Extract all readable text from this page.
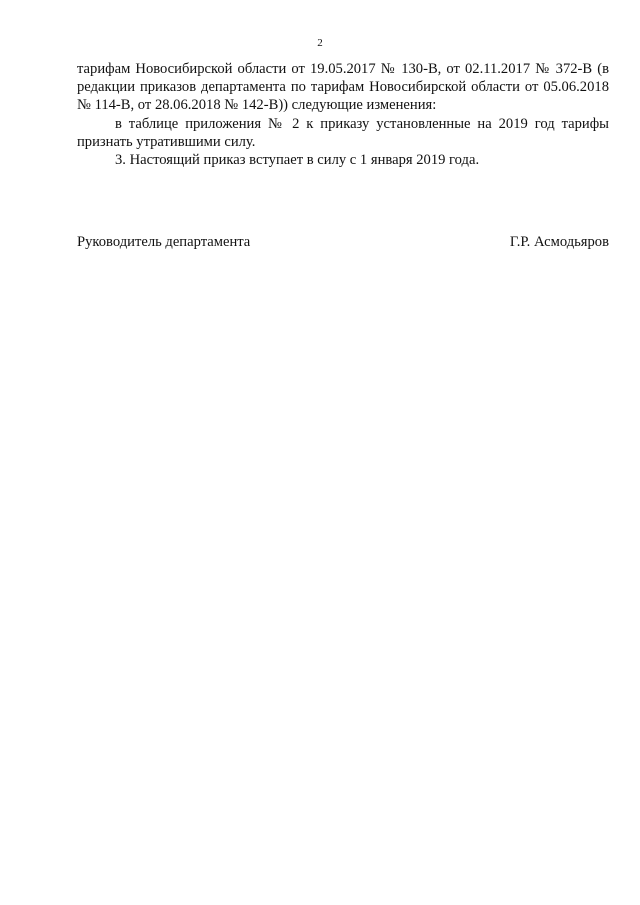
2

тарифам Новосибирской области от 19.05.2017 № 130-В, от 02.11.2017 № 372-В (в редакции приказов департамента по тарифам Новосибирской области от 05.06.2018 № 114-В, от 28.06.2018 № 142-В)) следующие изменения:

в таблице приложения № 2 к приказу установленные на 2019 год тарифы признать утратившими силу.

3. Настоящий приказ вступает в силу с 1 января 2019 года.

Руководитель департамента	Г.Р. Асмодьяров
